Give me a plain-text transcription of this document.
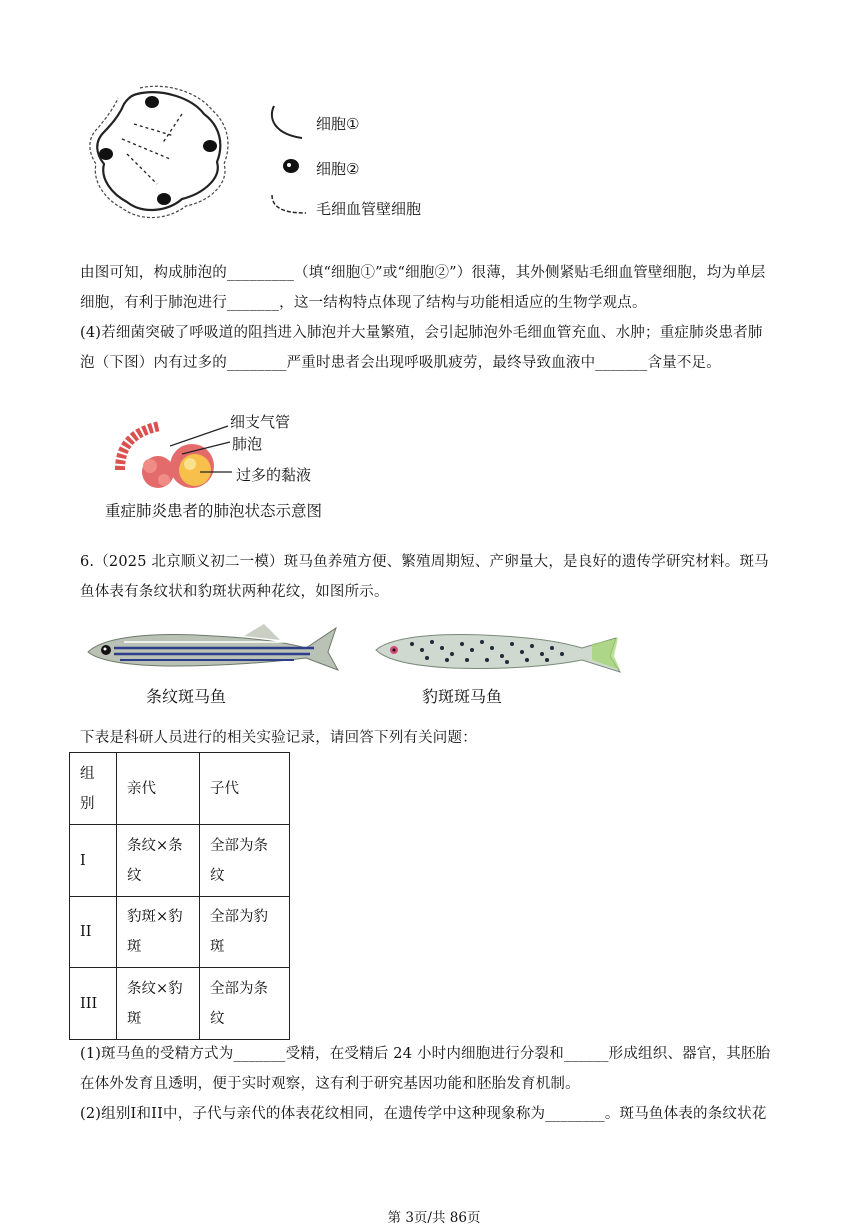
细胞①
细胞②
毛细血管壁细胞
由图可知，构成肺泡的_________（填“细胞①”或“细胞②”）很薄，其外侧紧贴毛细血管壁细胞，均为单层
细胞，有利于肺泡进行_______，这一结构特点体现了结构与功能相适应的生物学观点。
(4)若细菌突破了呼吸道的阻挡进入肺泡并大量繁殖，会引起肺泡外毛细血管充血、水肿；重症肺炎患者肺
泡（下图）内有过多的________严重时患者会出现呼吸肌疲劳，最终导致血液中_______含量不足。
细支气管
肺泡
过多的黏液
重症肺炎患者的肺泡状态示意图
6.（2025 北京顺义初二一模）斑马鱼养殖方便、繁殖周期短、产卵量大，是良好的遗传学研究材料。斑马
鱼体表有条纹状和豹斑状两种花纹，如图所示。
条纹斑马鱼	豹斑斑马鱼
下表是科研人员进行的相关实验记录，请回答下列有关问题：
组别	亲代	子代

I	条纹×条纹	全部为条纹

II	豹斑×豹斑	全部为豹斑

III	条纹×豹斑	全部为条纹
(1)斑马鱼的受精方式为_______受精，在受精后 24 小时内细胞进行分裂和______形成组织、器官，其胚胎
在体外发育且透明，便于实时观察，这有利于研究基因功能和胚胎发育机制。
(2)组别I和II中，子代与亲代的体表花纹相同，在遗传学中这种现象称为________。斑马鱼体表的条纹状花
第 3页/共 86页
